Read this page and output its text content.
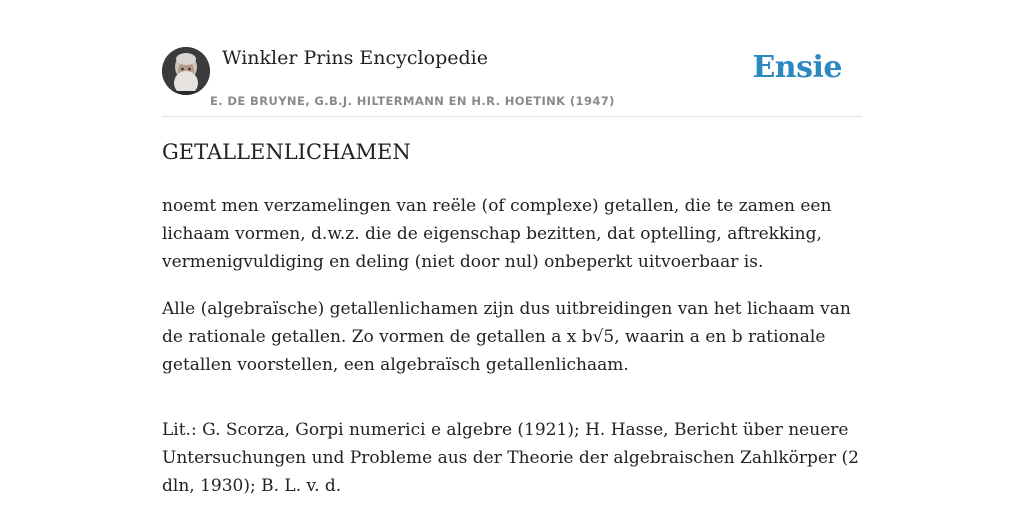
Winkler Prins Encyclopedie
E. DE BRUYNE, G.B.J. HILTERMANN EN H.R. HOETINK (1947)
Ensie
GETALLENLICHAMEN

noemt men verzamelingen van reële (of complexe) getallen, die te zamen een lichaam vormen, d.w.z. die de eigenschap bezitten, dat optelling, aftrekking, vermenigvuldiging en deling (niet door nul) onbeperkt uitvoerbaar is.

Alle (algebraïsche) getallenlichamen zijn dus uitbreidingen van het lichaam van de rationale getallen. Zo vormen de getallen a x b√5, waarin a en b rationale getallen voorstellen, een algebraïsch getallenlichaam.

Lit.: G. Scorza, Gorpi numerici e algebre (1921); H. Hasse, Bericht über neuere Untersuchungen und Probleme aus der Theorie der algebraischen Zahlkörper (2 dln, 1930); B. L. v. d.
